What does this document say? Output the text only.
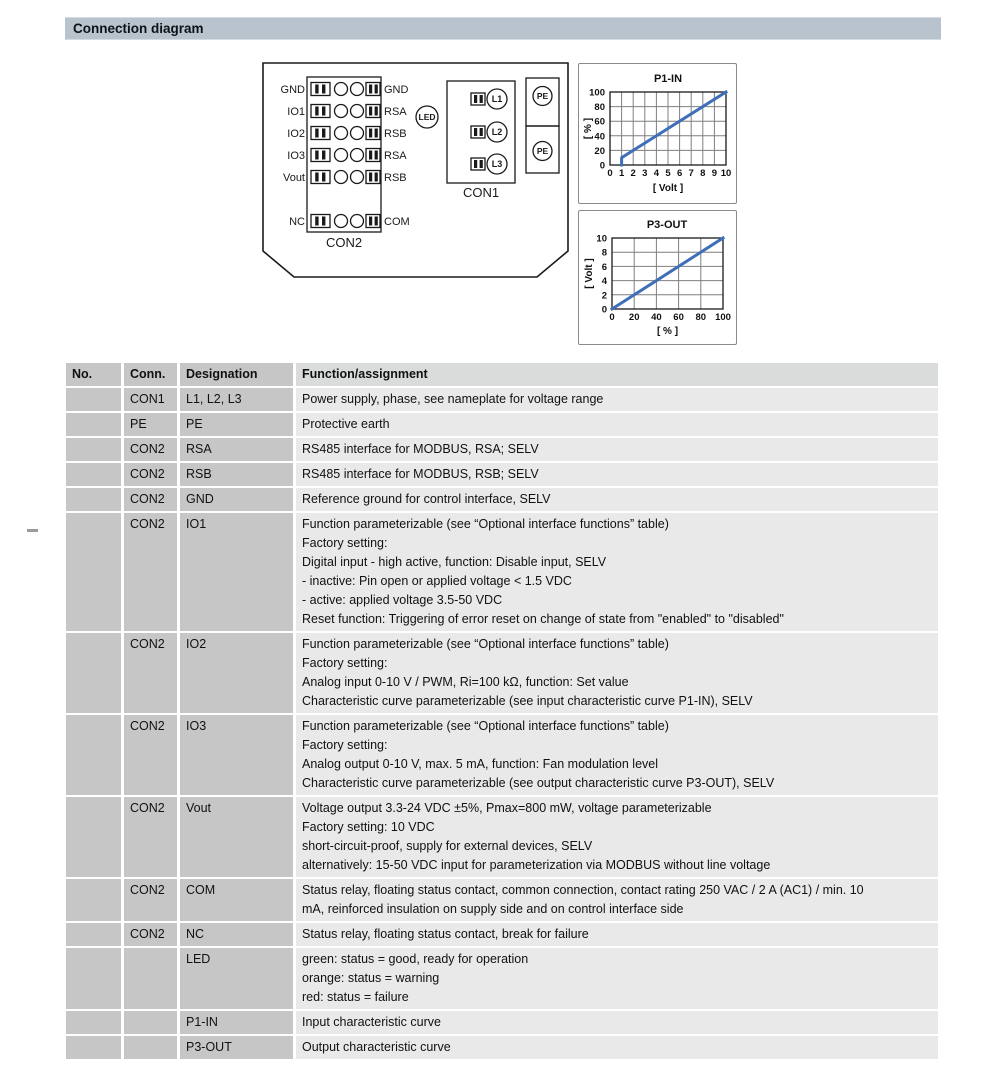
Connection diagram
GND	GND
IO1	RSA
IO2	RSB
IO3	RSA
Vout	RSB
NC	COM
CON2
LED
L1
L2
L3
CON1
PE
PE
0 1 2 3 4 5 6 7 8 9 10
0
20
40
60
80
100
P1-IN
[ Volt ]
[ % ]
0 20 40 60 80 100
0
2
4
6
8
10
P3-OUT
[ % ]
[ Volt ]
No.	Conn.	Designation	Function/assignment
	CON1	L1, L2, L3	Power supply, phase, see nameplate for voltage range

	PE	PE	Protective earth

	CON2	RSA	RS485 interface for MODBUS, RSA; SELV

	CON2	RSB	RS485 interface for MODBUS, RSB; SELV

	CON2	GND	Reference ground for control interface, SELV

	CON2	IO1	Function parameterizable (see “Optional interface functions” table)
Factory setting:
Digital input - high active, function: Disable input, SELV
- inactive: Pin open or applied voltage < 1.5 VDC
- active: applied voltage 3.5-50 VDC
Reset function: Triggering of error reset on change of state from "enabled" to "disabled"

	CON2	IO2	Function parameterizable (see “Optional interface functions” table)
Factory setting:
Analog input 0-10 V / PWM, Ri=100 kΩ, function: Set value
Characteristic curve parameterizable (see input characteristic curve P1-IN), SELV

	CON2	IO3	Function parameterizable (see “Optional interface functions” table)
Factory setting:
Analog output 0-10 V, max. 5 mA, function: Fan modulation level
Characteristic curve parameterizable (see output characteristic curve P3-OUT), SELV

	CON2	Vout	Voltage output 3.3-24 VDC ±5%, Pmax=800 mW, voltage parameterizable
Factory setting: 10 VDC
short-circuit-proof, supply for external devices, SELV
alternatively: 15-50 VDC input for parameterization via MODBUS without line voltage

	CON2	COM	Status relay, floating status contact, common connection, contact rating 250 VAC / 2 A (AC1) / min. 10
mA, reinforced insulation on supply side and on control interface side

	CON2	NC	Status relay, floating status contact, break for failure

		LED	green: status = good, ready for operation
orange: status = warning
red: status = failure

		P1-IN	Input characteristic curve

		P3-OUT	Output characteristic curve
